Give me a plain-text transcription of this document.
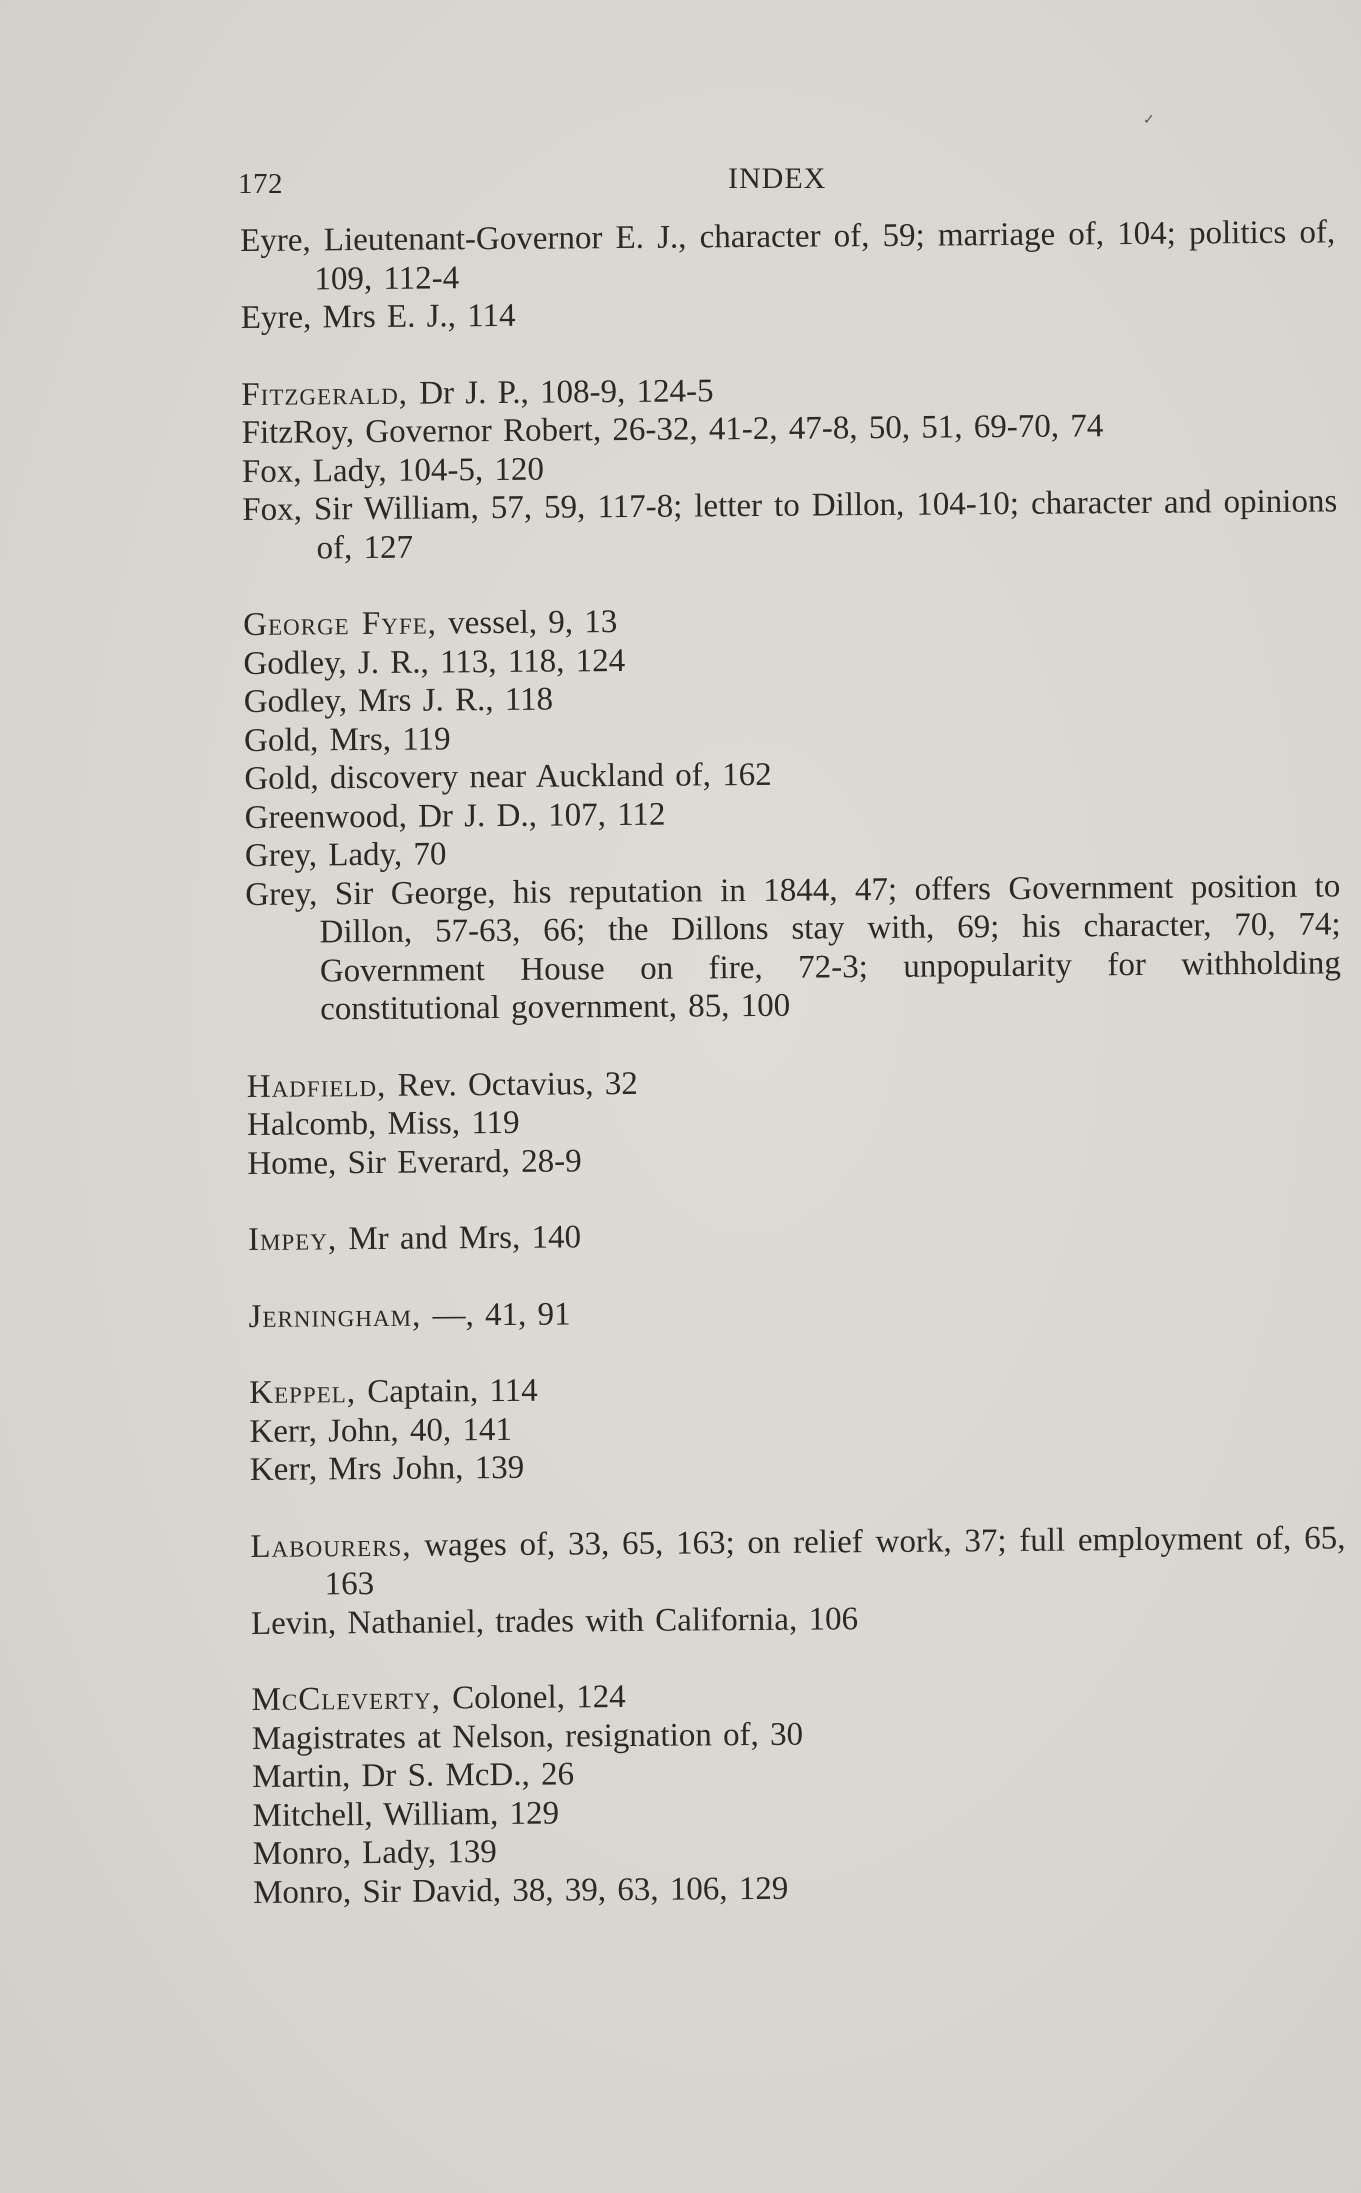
✓
172	INDEX
Eyre, Lieutenant-Governor E. J., character of, 59; marriage of, 104; politics of, 109, 112-4
Eyre, Mrs E. J., 114
Fitzgerald, Dr J. P., 108-9, 124-5
FitzRoy, Governor Robert, 26-32, 41-2, 47-8, 50, 51, 69-70, 74
Fox, Lady, 104-5, 120
Fox, Sir William, 57, 59, 117-8; letter to Dillon, 104-10; character and opinions of, 127
George Fyfe, vessel, 9, 13
Godley, J. R., 113, 118, 124
Godley, Mrs J. R., 118
Gold, Mrs, 119
Gold, discovery near Auckland of, 162
Greenwood, Dr J. D., 107, 112
Grey, Lady, 70
Grey, Sir George, his reputation in 1844, 47; offers Government position to Dillon, 57-63, 66; the Dillons stay with, 69; his character, 70, 74; Government House on fire, 72-3; unpopularity for withholding constitutional government, 85, 100
Hadfield, Rev. Octavius, 32
Halcomb, Miss, 119
Home, Sir Everard, 28-9
Impey, Mr and Mrs, 140
Jerningham, —, 41, 91
Keppel, Captain, 114
Kerr, John, 40, 141
Kerr, Mrs John, 139
Labourers, wages of, 33, 65, 163; on relief work, 37; full employment of, 65, 163
Levin, Nathaniel, trades with California, 106
McCleverty, Colonel, 124
Magistrates at Nelson, resignation of, 30
Martin, Dr S. McD., 26
Mitchell, William, 129
Monro, Lady, 139
Monro, Sir David, 38, 39, 63, 106, 129
